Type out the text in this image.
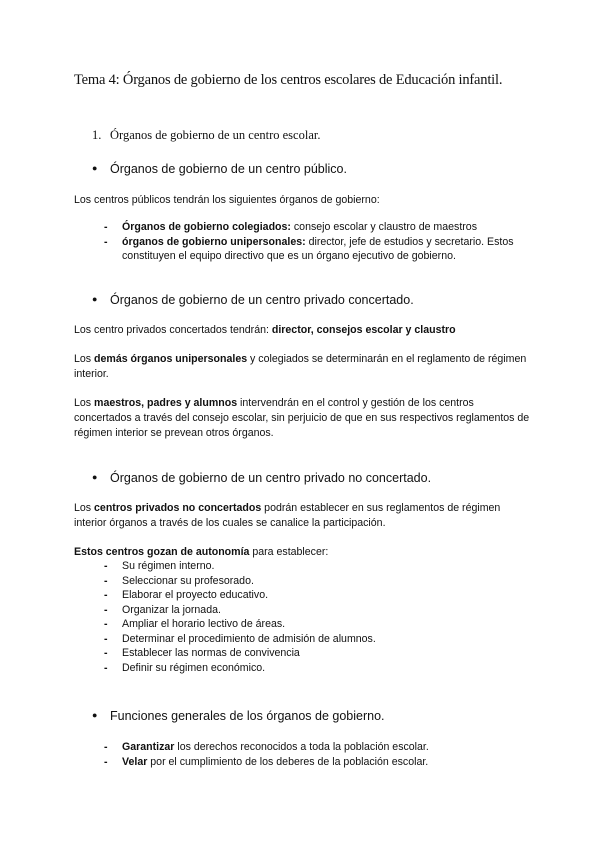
Tema 4: Órganos de gobierno de los centros escolares de Educación infantil.
1. Órganos de gobierno de un centro escolar.
● Órganos de gobierno de un centro público.
Los centros públicos tendrán los siguientes órganos de gobierno:
- Órganos de gobierno colegiados: consejo escolar y claustro de maestros
- órganos de gobierno unipersonales: director, jefe de estudios y secretario. Estos constituyen el equipo directivo que es un órgano ejecutivo de gobierno.
● Órganos de gobierno de un centro privado concertado.
Los centro privados concertados tendrán: director, consejos escolar y claustro
Los demás órganos unipersonales y colegiados se determinarán en el reglamento de régimen interior.
Los maestros, padres y alumnos intervendrán en el control y gestión de los centros concertados a través del consejo escolar, sin perjuicio de que en sus respectivos reglamentos de régimen interior se prevean otros órganos.
● Órganos de gobierno de un centro privado no concertado.
Los centros privados no concertados podrán establecer en sus reglamentos de régimen interior órganos a través de los cuales se canalice la participación.
Estos centros gozan de autonomía para establecer:
- Su régimen interno.
- Seleccionar su profesorado.
- Elaborar el proyecto educativo.
- Organizar la jornada.
- Ampliar el horario lectivo de áreas.
- Determinar el procedimiento de admisión de alumnos.
- Establecer las normas de convivencia
- Definir su régimen económico.
● Funciones generales de los órganos de gobierno.
- Garantizar los derechos reconocidos a toda la población escolar.
- Velar por el cumplimiento de los deberes de la población escolar.
